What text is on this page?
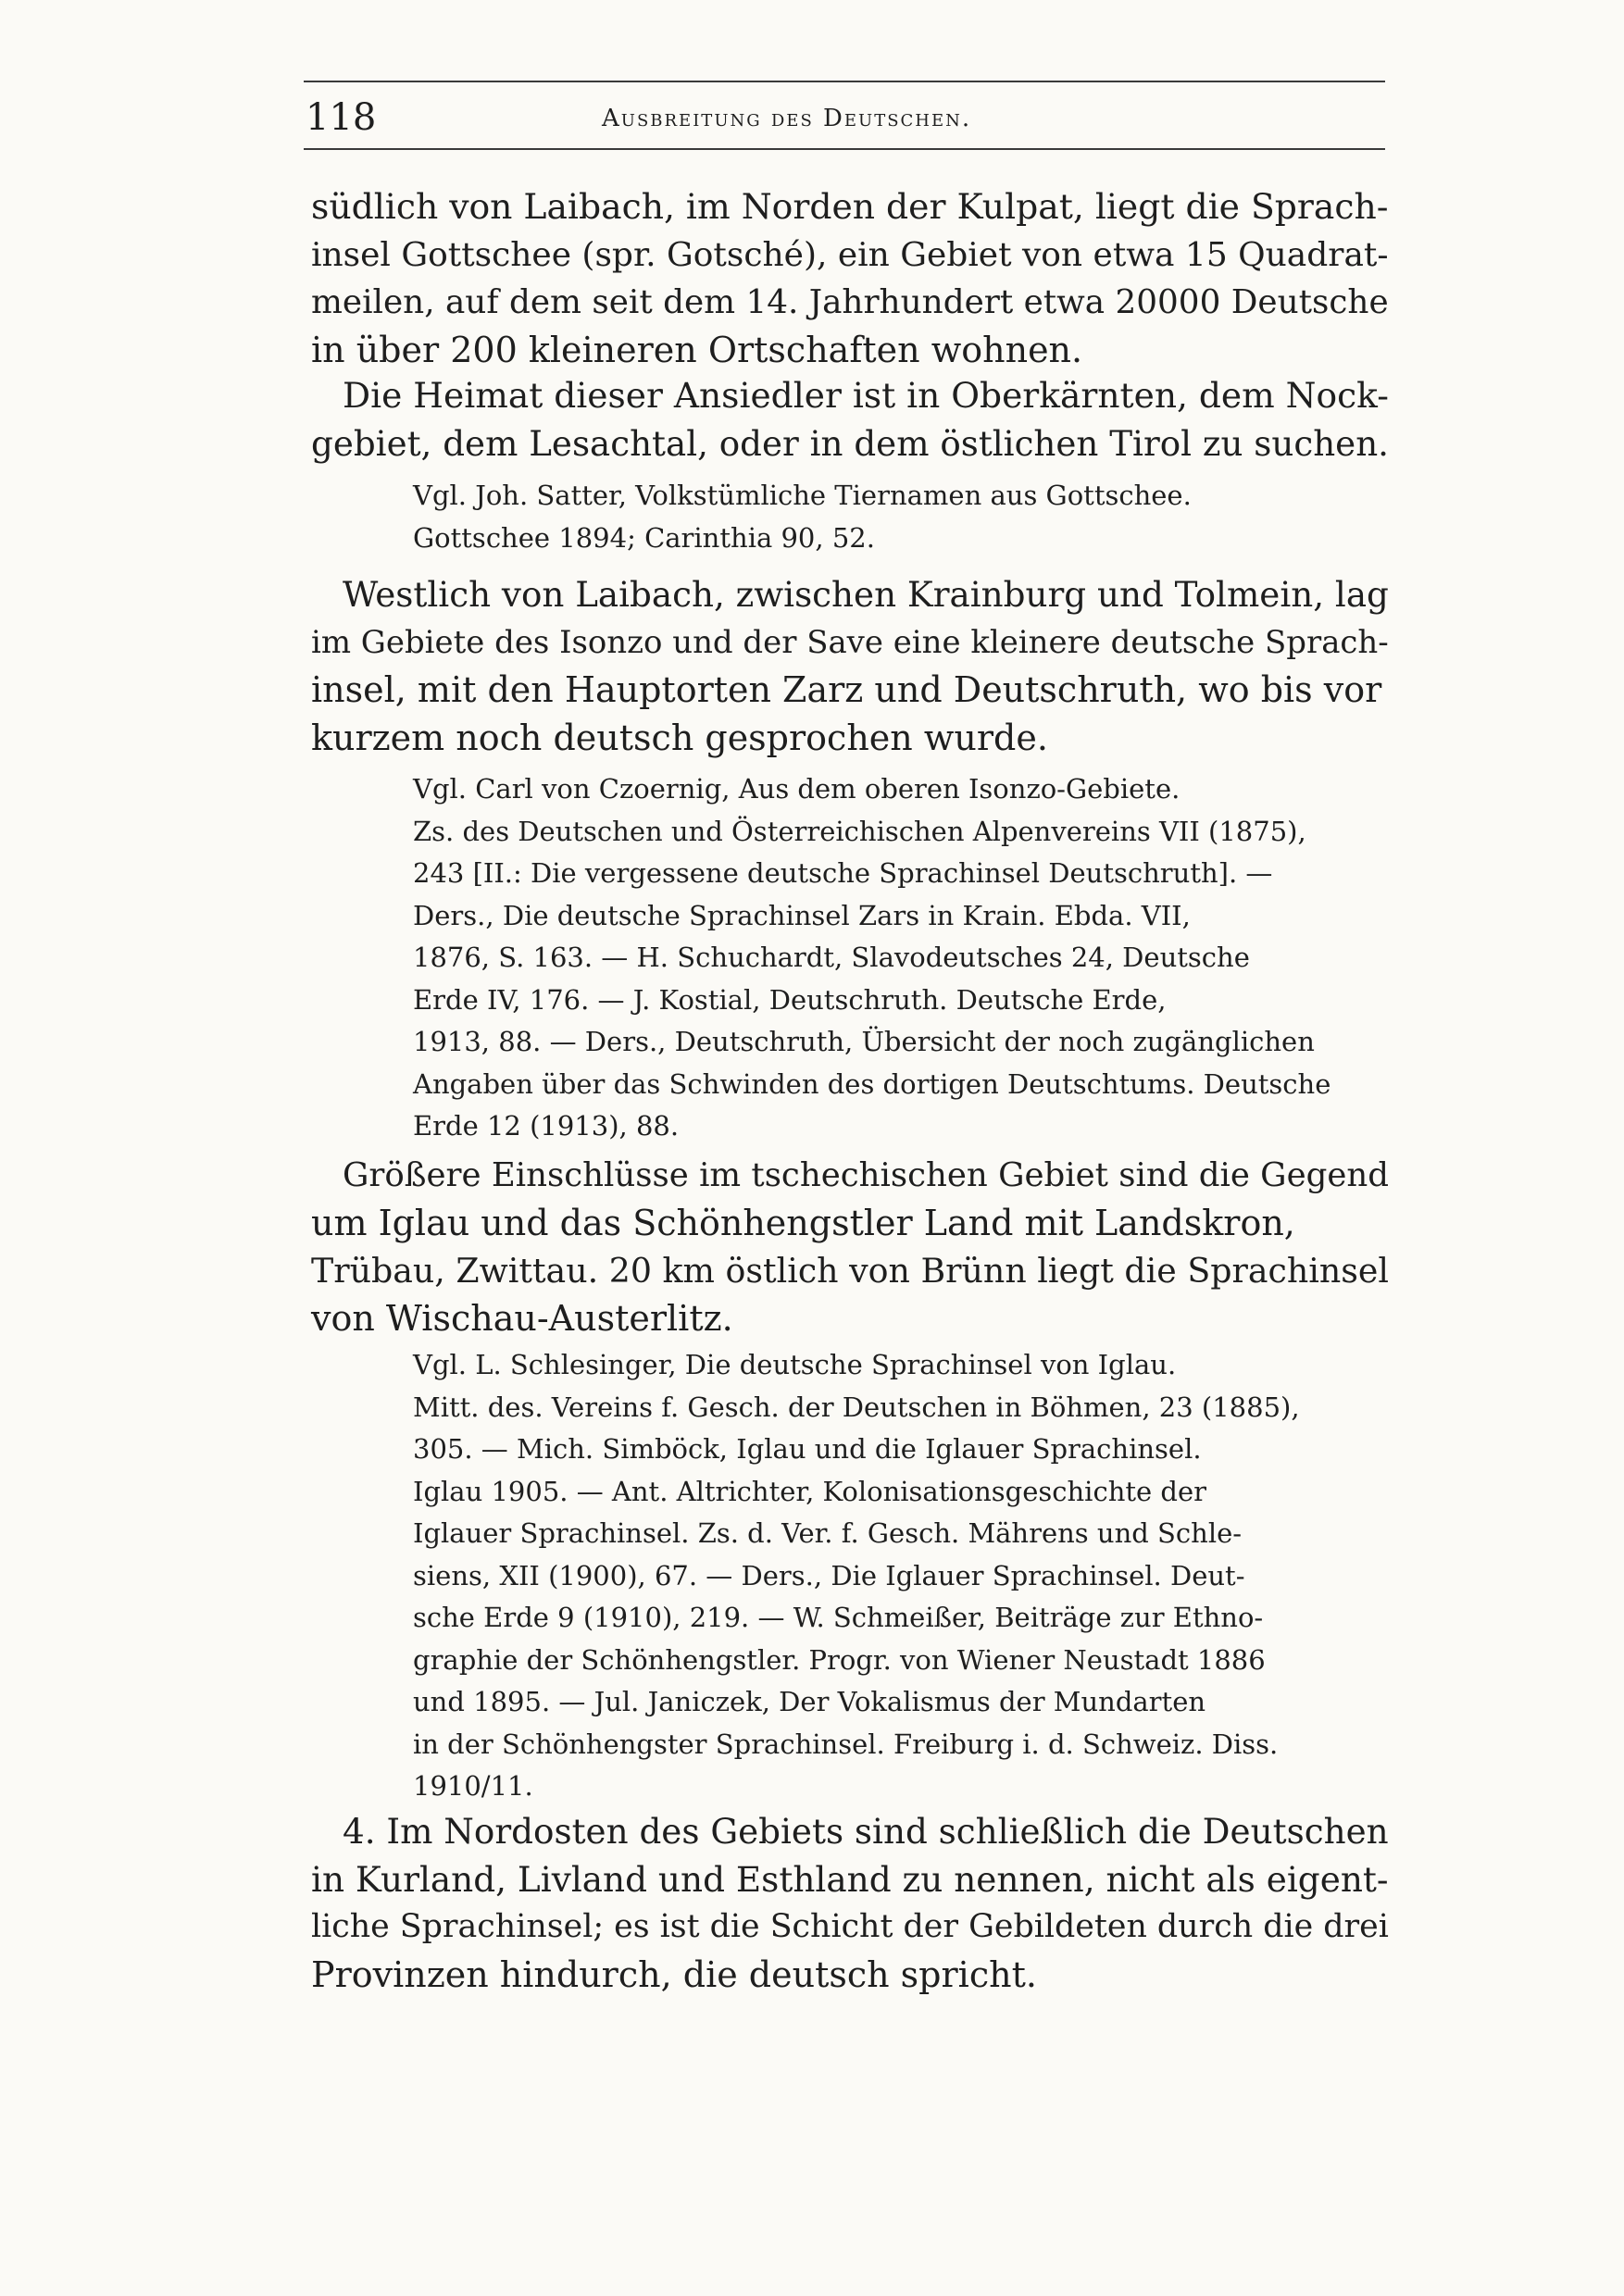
118	Ausbreitung des Deutschen.

südlich von Laibach, im Norden der Kulpat, liegt die Sprach-
insel Gottschee (spr. Gotsché), ein Gebiet von etwa 15 Quadrat-
meilen, auf dem seit dem 14. Jahrhundert etwa 20000 Deutsche
in über 200 kleineren Ortschaften wohnen.

Die Heimat dieser Ansiedler ist in Oberkärnten, dem Nock-
gebiet, dem Lesachtal, oder in dem östlichen Tirol zu suchen.

Vgl. Joh. Satter, Volkstümliche Tiernamen aus Gottschee.
Gottschee 1894; Carinthia 90, 52.

Westlich von Laibach, zwischen Krainburg und Tolmein, lag
im Gebiete des Isonzo und der Save eine kleinere deutsche Sprach-
insel, mit den Hauptorten Zarz und Deutschruth, wo bis vor
kurzem noch deutsch gesprochen wurde.

Vgl. Carl von Czoernig, Aus dem oberen Isonzo-Gebiete.
Zs. des Deutschen und Österreichischen Alpenvereins VII (1875),
243 [II.: Die vergessene deutsche Sprachinsel Deutschruth]. —
Ders., Die deutsche Sprachinsel Zars in Krain. Ebda. VII,
1876, S. 163. — H. Schuchardt, Slavodeutsches 24, Deutsche
Erde IV, 176. — J. Kostial, Deutschruth. Deutsche Erde,
1913, 88. — Ders., Deutschruth, Übersicht der noch zugänglichen
Angaben über das Schwinden des dortigen Deutschtums. Deutsche
Erde 12 (1913), 88.

Größere Einschlüsse im tschechischen Gebiet sind die Gegend
um Iglau und das Schönhengstler Land mit Landskron,
Trübau, Zwittau. 20 km östlich von Brünn liegt die Sprachinsel
von Wischau-Austerlitz.

Vgl. L. Schlesinger, Die deutsche Sprachinsel von Iglau.
Mitt. des. Vereins f. Gesch. der Deutschen in Böhmen, 23 (1885),
305. — Mich. Simböck, Iglau und die Iglauer Sprachinsel.
Iglau 1905. — Ant. Altrichter, Kolonisationsgeschichte der
Iglauer Sprachinsel. Zs. d. Ver. f. Gesch. Mährens und Schle-
siens, XII (1900), 67. — Ders., Die Iglauer Sprachinsel. Deut-
sche Erde 9 (1910), 219. — W. Schmeißer, Beiträge zur Ethno-
graphie der Schönhengstler. Progr. von Wiener Neustadt 1886
und 1895. — Jul. Janiczek, Der Vokalismus der Mundarten
in der Schönhengster Sprachinsel. Freiburg i. d. Schweiz. Diss.
1910/11.

4. Im Nordosten des Gebiets sind schließlich die Deutschen
in Kurland, Livland und Esthland zu nennen, nicht als eigent-
liche Sprachinsel; es ist die Schicht der Gebildeten durch die drei
Provinzen hindurch, die deutsch spricht.
